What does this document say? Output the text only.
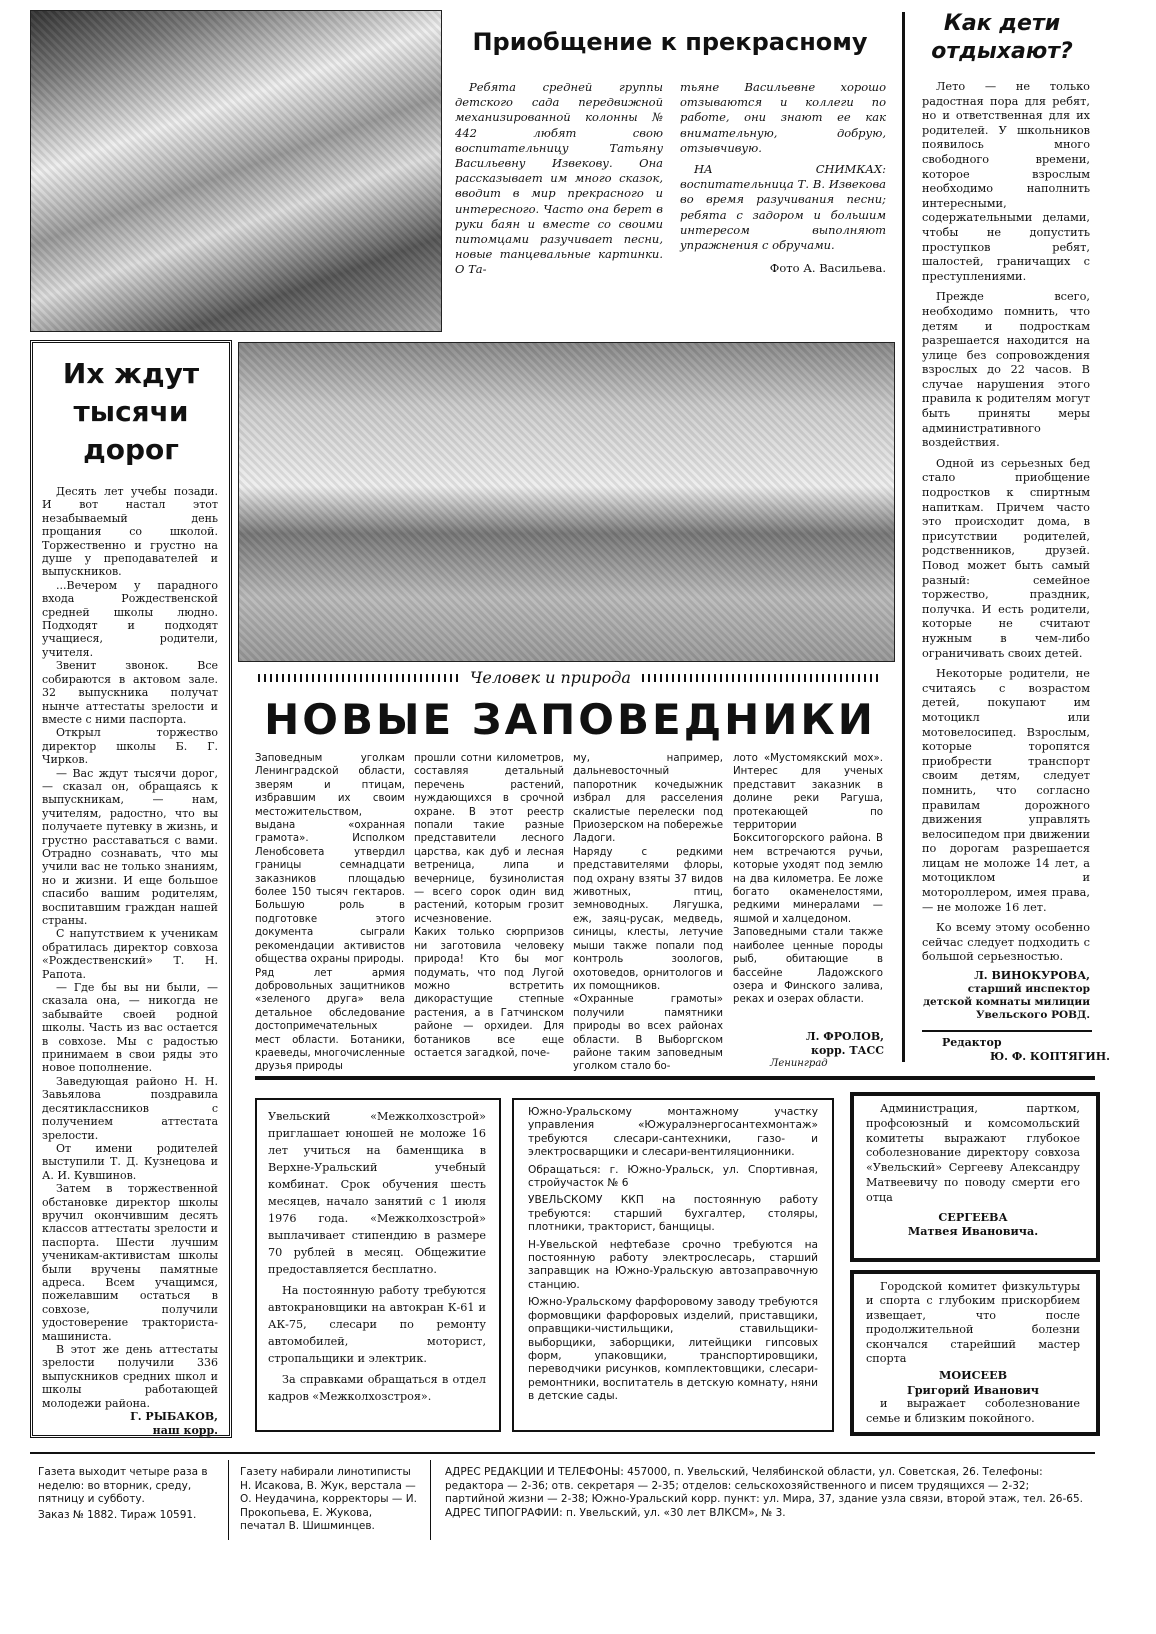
Приобщение к прекрасному

Ребята средней группы детского сада передвижной механизированной колонны № 442 любят свою воспитательницу Татьяну Васильевну Извекову. Она рассказывает им много сказок, вводит в мир прекрасного и интересного. Часто она берет в руки баян и вместе со своими питомцами разучивает песни, новые танцевальные картинки. О Та-

тьяне Васильевне хорошо отзываются и коллеги по работе, они знают ее как внимательную, добрую, отзывчивую.

НА СНИМКАХ: воспитательница Т. В. Извекова во время разучивания песни; ребята с задором и большим интересом выполняют упражнения с обручами.

Фото А. Васильева.
Как дети отдыхают?

Лето — не только радостная пора для ребят, но и ответственная для их родителей. У школьников появилось много свободного времени, которое взрослым необходимо наполнить интересными, содержательными делами, чтобы не допустить проступков ребят, шалостей, граничащих с преступлениями.

Прежде всего, необходимо помнить, что детям и подросткам разрешается находится на улице без сопровождения взрослых до 22 часов. В случае нарушения этого правила к родителям могут быть приняты меры административного воздействия.

Одной из серьезных бед стало приобщение подростков к спиртным напиткам. Причем часто это происходит дома, в присутствии родителей, родственников, друзей. Повод может быть самый разный: семейное торжество, праздник, получка. И есть родители, которые не считают нужным в чем-либо ограничивать своих детей.

Некоторые родители, не считаясь с возрастом детей, покупают им мотоцикл или мотовелосипед. Взрослым, которые торопятся приобрести транспорт своим детям, следует помнить, что согласно правилам дорожного движения управлять велосипедом при движении по дорогам разрешается лицам не моложе 14 лет, а мотоциклом и мотороллером, имея права, — не моложе 16 лет.

Ко всему этому особенно сейчас следует подходить с большой серьезностью.

Л. ВИНОКУРОВА,
старший инспектор детской комнаты милиции Увельского РОВД.
Редактор
Ю. Ф. КОПТЯГИН.
Их ждут
тысячи
дорог

Десять лет учебы позади. И вот настал этот незабываемый день прощания со школой. Торжественно и грустно на душе у преподавателей и выпускников.

...Вечером у парадного входа Рождественской средней школы людно. Подходят и подходят учащиеся, родители, учителя.

Звенит звонок. Все собираются в актовом зале. 32 выпускника получат нынче аттестаты зрелости и вместе с ними паспорта.

Открыл торжество директор школы Б. Г. Чирков.

— Вас ждут тысячи дорог, — сказал он, обращаясь к выпускникам, — нам, учителям, радостно, что вы получаете путевку в жизнь, и грустно расставаться с вами. Отрадно сознавать, что мы учили вас не только знаниям, но и жизни. И еще большое спасибо вашим родителям, воспитавшим граждан нашей страны.

С напутствием к ученикам обратилась директор совхоза «Рождественский» Т. Н. Рапота.

— Где бы вы ни были, — сказала она, — никогда не забывайте своей родной школы. Часть из вас остается в совхозе. Мы с радостью принимаем в свои ряды это новое пополнение.

Заведующая районо Н. Н. Завьялова поздравила десятиклассников с получением аттестата зрелости.

От имени родителей выступили Т. Д. Кузнецова и А. И. Кувшинов.

Затем в торжественной обстановке директор школы вручил окончившим десять классов аттестаты зрелости и паспорта. Шести лучшим ученикам-активистам школы были вручены памятные адреса. Всем учащимся, пожелавшим остаться в совхозе, получили удостоверение тракториста-машиниста.

В этот же день аттестаты зрелости получили 336 выпускников средних школ и школы работающей молодежи района.

Г. РЫБАКОВ,
наш корр.
Человек и природа
НОВЫЕ ЗАПОВЕДНИКИ
Заповедным уголкам Ленинградской области, зверям и птицам, избравшим их своим местожительством, выдана «охранная грамота». Исполком Ленобсовета утвердил границы семнадцати заказников площадью более 150 тысяч гектаров. Большую роль в подготовке этого документа сыграли рекомендации активистов общества охраны природы.
Ряд лет армия добровольных защитников «зеленого друга» вела детальное обследование достопримечательных мест области. Ботаники, краеведы, многочисленные друзья природы
прошли сотни километров, составляя детальный перечень растений, нуждающихся в срочной охране. В этот реестр попали такие разные представители лесного царства, как дуб и лесная ветреница, липа и вечернице, бузинолистая — всего сорок один вид растений, которым грозит исчезновение.
Каких только сюрпризов ни заготовила человеку природа! Кто бы мог подумать, что под Лугой можно встретить дикорастущие степные растения, а в Гатчинском районе — орхидеи. Для ботаников все еще остается загадкой, поче-
му, например, дальневосточный папоротник кочедыжник избрал для расселения скалистые перелески под Приозерском на побережье Ладоги.
Наряду с редкими представителями флоры, под охрану взяты 37 видов животных, птиц, земноводных. Лягушка, еж, заяц-русак, медведь, синицы, клесты, летучие мыши также попали под контроль зоологов, охотоведов, орнитологов и их помощников.
«Охранные грамоты» получили памятники природы во всех районах области. В Выборгском районе таким заповедным уголком стало бо-
лото «Мустомякский мох». Интерес для ученых представит заказник в долине реки Рагуша, протекающей по территории Бокситогорского района. В нем встречаются ручьи, которые уходят под землю на два километра. Ее ложе богато окаменелостями, редкими минералами — яшмой и халцедоном.
Заповедными стали также наиболее ценные породы рыб, обитающие в бассейне Ладожского озера и Финского залива, реках и озерах области.
Л. ФРОЛОВ,
корр. ТАСС
Ленинград

Увельский «Межколхозстрой» приглашает юношей не моложе 16 лет учиться на баменщика в Верхне-Уральский учебный комбинат. Срок обучения шесть месяцев, начало занятий с 1 июля 1976 года. «Межколхозстрой» выплачивает стипендию в размере 70 рублей в месяц. Общежитие предоставляется бесплатно.

На постоянную работу требуются автокрановщики на автокран К-61 и АК-75, слесари по ремонту автомобилей, моторист, стропальщики и электрик.

За справками обращаться в отдел кадров «Межколхозстроя».

Южно-Уральскому монтажному участку управления «Южуралэнергосантехмонтаж» требуются слесари-сантехники, газо- и электросварщики и слесари-вентиляционники.

Обращаться: г. Южно-Уральск, ул. Спортивная, стройучасток № 6

УВЕЛЬСКОМУ ККП на постоянную работу требуются: старший бухгалтер, столяры, плотники, тракторист, банщицы.

Н-Увельской нефтебазе срочно требуются на постоянную работу электрослесарь, старший заправщик на Южно-Уральскую автозаправочную станцию.

Южно-Уральскому фарфоровому заводу требуются формовщики фарфоровых изделий, приставщики, оправщики-чистильщики, ставильщики-выборщики, заборщики, литейщики гипсовых форм, упаковщики, транспортировщики, переводчики рисунков, комплектовщики, слесари-ремонтники, воспитатель в детскую комнату, няни в детские сады.

Администрация, партком, профсоюзный и комсомольский комитеты выражают глубокое соболезнование директору совхоза «Увельский» Сергееву Александру Матвеевичу по поводу смерти его отца

СЕРГЕЕВА
Матвея Ивановича.

Городской комитет физкультуры и спорта с глубоким прискорбием извещает, что после продолжительной болезни скончался старейший мастер спорта

МОИСЕЕВ
Григорий Иванович

и выражает соболезнование семье и близким покойного.

Газета выходит четыре раза в неделю: во вторник, среду, пятницу и субботу.
Заказ № 1882. Тираж 10591.
Газету набирали линотиписты Н. Исакова, В. Жук, верстала — О. Неудачина, корректоры — И. Прокопьева, Е. Жукова, печатал В. Шишминцев.
АДРЕС РЕДАКЦИИ И ТЕЛЕФОНЫ: 457000, п. Увельский, Челябинской области, ул. Советская, 26. Телефоны: редактора — 2-36; отв. секретаря — 2-35; отделов: сельскохозяйственного и писем трудящихся — 2-32; партийной жизни — 2-38; Южно-Уральский корр. пункт: ул. Мира, 37, здание узла связи, второй этаж, тел. 26-65.
АДРЕС ТИПОГРАФИИ: п. Увельский, ул. «30 лет ВЛКСМ», № 3.
